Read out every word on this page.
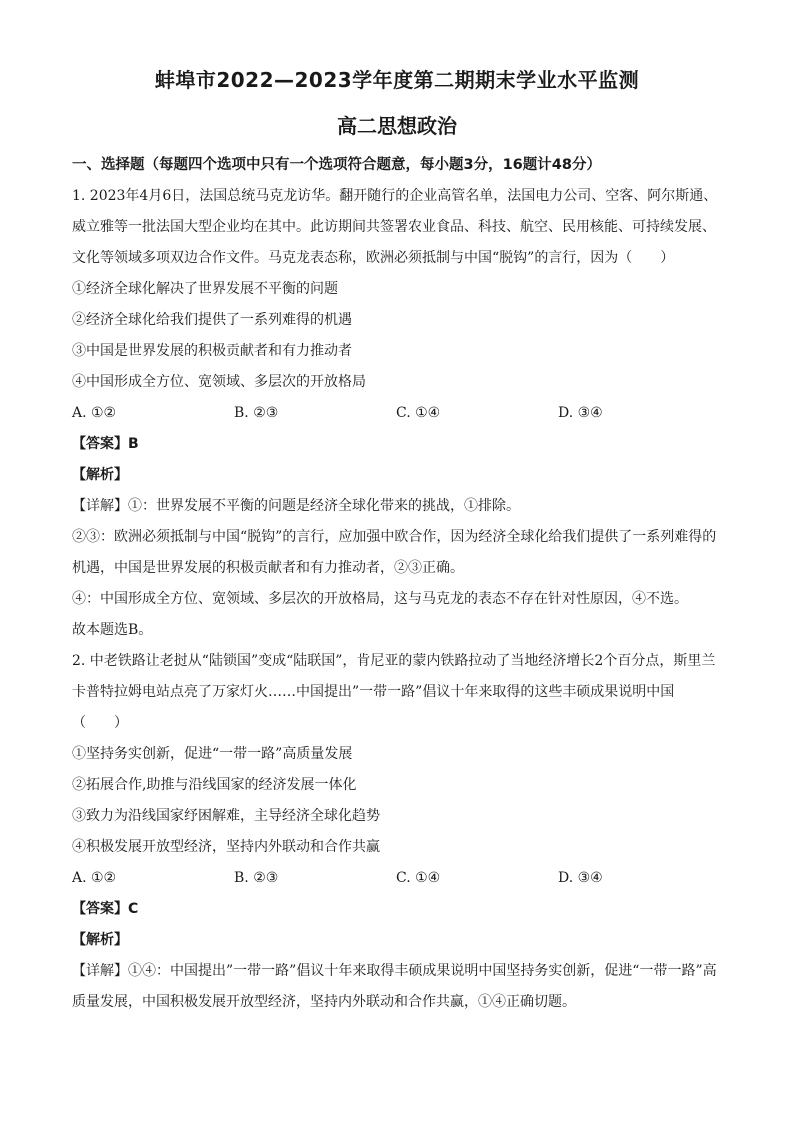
蚌埠市2022—2023学年度第二期期末学业水平监测
高二思想政治
一、选择题（每题四个选项中只有一个选项符合题意，每小题3分，16题计48分）
1. 2023年4月6日，法国总统马克龙访华。翻开随行的企业高管名单，法国电力公司、空客、阿尔斯通、威立雅等一批法国大型企业均在其中。此访期间共签署农业食品、科技、航空、民用核能、可持续发展、文化等领域多项双边合作文件。马克龙表态称，欧洲必须抵制与中国“脱钩”的言行，因为（　　）
①经济全球化解决了世界发展不平衡的问题
②经济全球化给我们提供了一系列难得的机遇
③中国是世界发展的积极贡献者和有力推动者
④中国形成全方位、宽领域、多层次的开放格局
A. ①②	B. ②③	C. ①④	D. ③④
【答案】B
【解析】
【详解】①：世界发展不平衡的问题是经济全球化带来的挑战，①排除。
②③：欧洲必须抵制与中国“脱钩”的言行，应加强中欧合作，因为经济全球化给我们提供了一系列难得的机遇，中国是世界发展的积极贡献者和有力推动者，②③正确。
④：中国形成全方位、宽领域、多层次的开放格局，这与马克龙的表态不存在针对性原因，④不选。
故本题选B。
2. 中老铁路让老挝从“陆锁国”变成“陆联国”，肯尼亚的蒙内铁路拉动了当地经济增长2个百分点，斯里兰卡普特拉姆电站点亮了万家灯火……中国提出”一带一路”倡议十年来取得的这些丰硕成果说明中国（　　）
①坚持务实创新，促进“一带一路”高质量发展
②拓展合作,助推与沿线国家的经济发展一体化
③致力为沿线国家纾困解难，主导经济全球化趋势
④积极发展开放型经济，坚持内外联动和合作共赢
A. ①②	B. ②③	C. ①④	D. ③④
【答案】C
【解析】
【详解】①④：中国提出”一带一路”倡议十年来取得丰硕成果说明中国坚持务实创新，促进“一带一路”高质量发展，中国积极发展开放型经济，坚持内外联动和合作共赢，①④正确切题。
